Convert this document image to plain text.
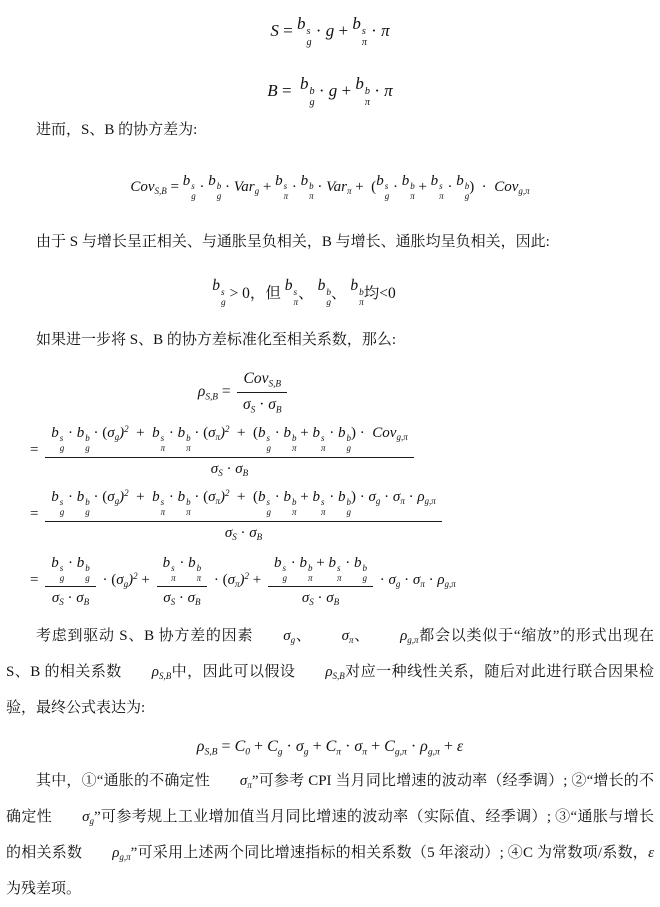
S = b s
g
· g + b s
π
· π
B = b b
g
· g + b b
π
· π
进而，S、B 的协方差为:
Cov$_{S,B}$ = b s
g
· b b
g
· Var$_g$ + b s
π
· b b
π
· Var$_\pi$ +  ( b s
g
· b b
π
+ b s
π
· b b
g
)  · Cov$_{g,\pi}$
由于 S 与增长呈正相关、与通胀呈负相关，B 与增长、通胀均呈负相关，因此:
b s
g
> 0，但 b s
π
、 b b
g
、 b b
π
均<0
如果进一步将 S、B 的协方差标准化至相关系数，那么:
$\rho_{S,B} = \frac{Cov_{S,B}}{\sigma_S \cdot \sigma_B}$
=
b s
g
· b b
g
· ( $\sigma_g$ )$^2$ + b s
π
· b b
π
· ( $\sigma_\pi$ )$^2$ +  ( b s
g
· b b
π
+ b s
π
· b b
g
) · Cov$_{g,\pi}$
$\sigma_S \cdot \sigma_B$
=
b s
g
· b b
g
· ( $\sigma_g$ )$^2$ + b s
π
· b b
π
· ( $\sigma_\pi$ )$^2$ +  ( b s
g
· b b
π
+ b s
π
· b b
g
) · $\sigma_g \cdot \sigma_\pi \cdot \rho_{g,\pi}$
$\sigma_S \cdot \sigma_B$
= b s
g
· b b
g
$\sigma_S \cdot \sigma_B$ · ( $\sigma_g$ )$^2$ + b s
π
· b b
π
$\sigma_S \cdot \sigma_B$ · ( $\sigma_\pi$ )$^2$ + b s
g
· b b
π
+ b s
π
· b b
g
$\sigma_S \cdot \sigma_B \cdot \sigma_g \cdot \sigma_\pi \cdot \rho_{g,\pi}$
考虑到驱动 S、B 协方差的因素 $\sigma_g$、 $\sigma_\pi$、 $\rho_{g,\pi}$都会以类似于“缩放”的形式出现在 S、B 的相关系数 $\rho_{S,B}$中，因此可以假设 $\rho_{S,B}$对应一种线性关系，随后对此进行联合因果检验，最终公式表达为:
$\rho_{S,B} = C_0 + C_g \cdot \sigma_g + C_\pi \cdot \sigma_\pi + C_{g,\pi} \cdot \rho_{g,\pi} + \varepsilon$
其中，①“通胀的不确定性 $\sigma_\pi$”可参考 CPI 当月同比增速的波动率（经季调）; ②“增长的不确定性 $\sigma_g$”可参考规上工业增加值当月同比增速的波动率（实际值、经季调）; ③“通胀与增长的相关系数 $\rho_{g,\pi}$”可采用上述两个同比增速指标的相关系数（5 年滚动）; ④C 为常数项/系数，ε为残差项。
